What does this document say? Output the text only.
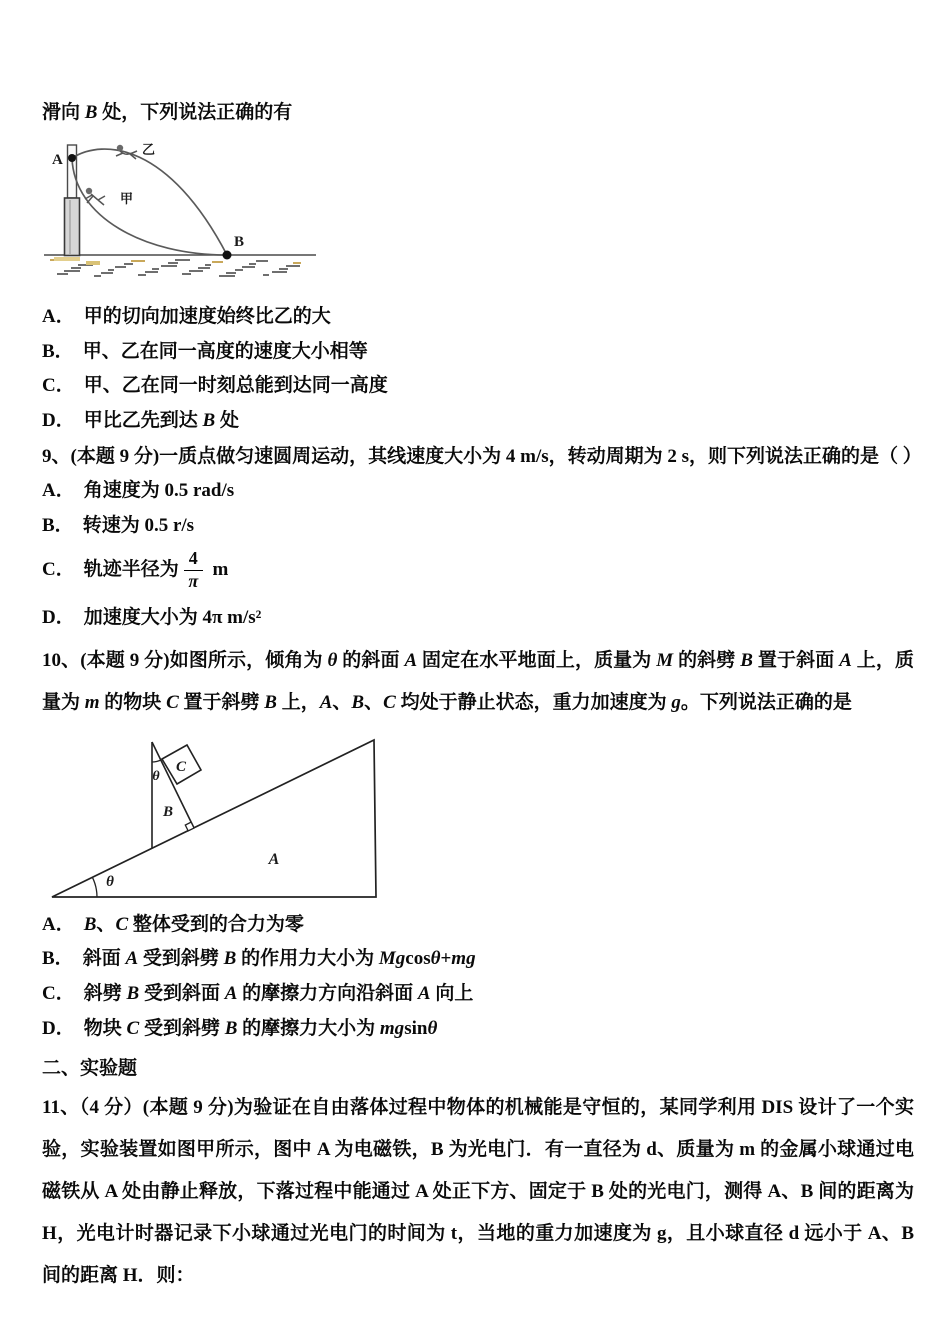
滑向 B 处，下列说法正确的有
A
B
乙
甲
A． 甲的切向加速度始终比乙的大
B． 甲、乙在同一高度的速度大小相等
C． 甲、乙在同一时刻总能到达同一高度
D． 甲比乙先到达 B 处
9、(本题 9 分)一质点做匀速圆周运动，其线速度大小为 4 m/s，转动周期为 2 s，则下列说法正确的是（ ）
A． 角速度为 0.5 rad/s
B． 转速为 0.5 r/s
C． 轨迹半径为 $\frac{4}{\pi}$ m
D． 加速度大小为 4π m/s²
10、(本题 9 分)如图所示，倾角为 θ 的斜面 A 固定在水平地面上，质量为 M 的斜劈 B 置于斜面 A 上，质量为 m 的物块 C 置于斜劈 B 上，A、B、C 均处于静止状态，重力加速度为 g。下列说法正确的是
θ
θ
B
C
A
A． B、C 整体受到的合力为零
B． 斜面 A 受到斜劈 B 的作用力大小为 Mgcosθ+mg
C． 斜劈 B 受到斜面 A 的摩擦力方向沿斜面 A 向上
D． 物块 C 受到斜劈 B 的摩擦力大小为 mgsinθ
二、实验题
11、（4 分）(本题 9 分)为验证在自由落体过程中物体的机械能是守恒的，某同学利用 DIS 设计了一个实验，实验装置如图甲所示，图中 A 为电磁铁，B 为光电门．有一直径为 d、质量为 m 的金属小球通过电磁铁从 A 处由静止释放，下落过程中能通过 A 处正下方、固定于 B 处的光电门，测得 A、B 间的距离为 H，光电计时器记录下小球通过光电门的时间为 t，当地的重力加速度为 g，且小球直径 d 远小于 A、B 间的距离 H．则：
